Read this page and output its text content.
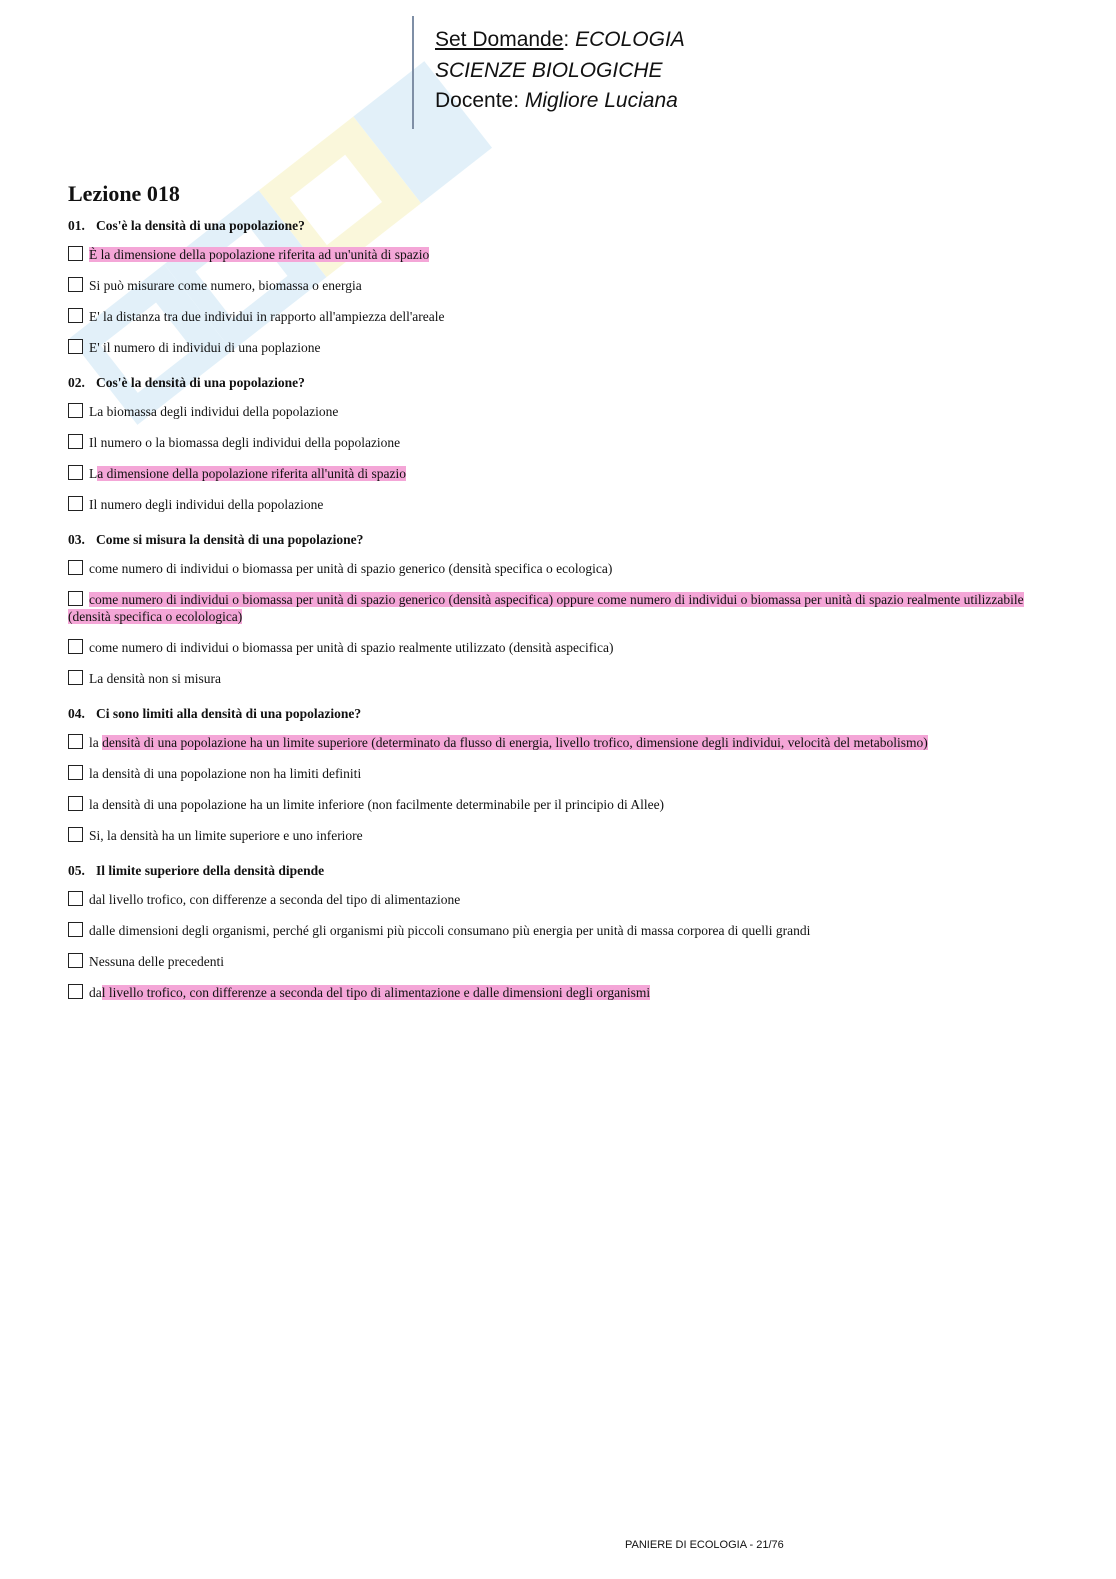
Set Domande: ECOLOGIA
SCIENZE BIOLOGICHE
Docente: Migliore Luciana
Lezione 018
01. Cos'è la densità di una popolazione?
È la dimensione della popolazione riferita ad un'unità di spazio
Si può misurare come numero, biomassa o energia
E' la distanza tra due individui in rapporto all'ampiezza dell'areale
E' il numero di individui di una poplazione
02. Cos'è la densità di una popolazione?
La biomassa degli individui della popolazione
Il numero o la biomassa degli individui della popolazione
La dimensione della popolazione riferita all'unità di spazio
Il numero degli individui della popolazione
03. Come si misura la densità di una popolazione?
come numero di individui o biomassa per unità di spazio generico (densità specifica o ecologica)
come numero di individui o biomassa per unità di spazio generico (densità aspecifica) oppure come numero di individui o biomassa per unità di spazio realmente utilizzabile (densità specifica o ecolologica)
come numero di individui o biomassa per unità di spazio realmente utilizzato (densità aspecifica)
La densità non si misura
04. Ci sono limiti alla densità di una popolazione?
la densità di una popolazione ha un limite superiore (determinato da flusso di energia, livello trofico, dimensione degli individui, velocità del metabolismo)
la densità di una popolazione non ha limiti definiti
la densità di una popolazione ha un limite inferiore (non facilmente determinabile per il principio di Allee)
Si, la densità ha un limite superiore e uno inferiore
05. Il limite superiore della densità dipende
dal livello trofico, con differenze a seconda del tipo di alimentazione
dalle dimensioni degli organismi, perché gli organismi più piccoli consumano più energia per unità di massa corporea di quelli grandi
Nessuna delle precedenti
dal livello trofico, con differenze a seconda del tipo di alimentazione e dalle dimensioni degli organismi
PANIERE DI ECOLOGIA - 21/76
